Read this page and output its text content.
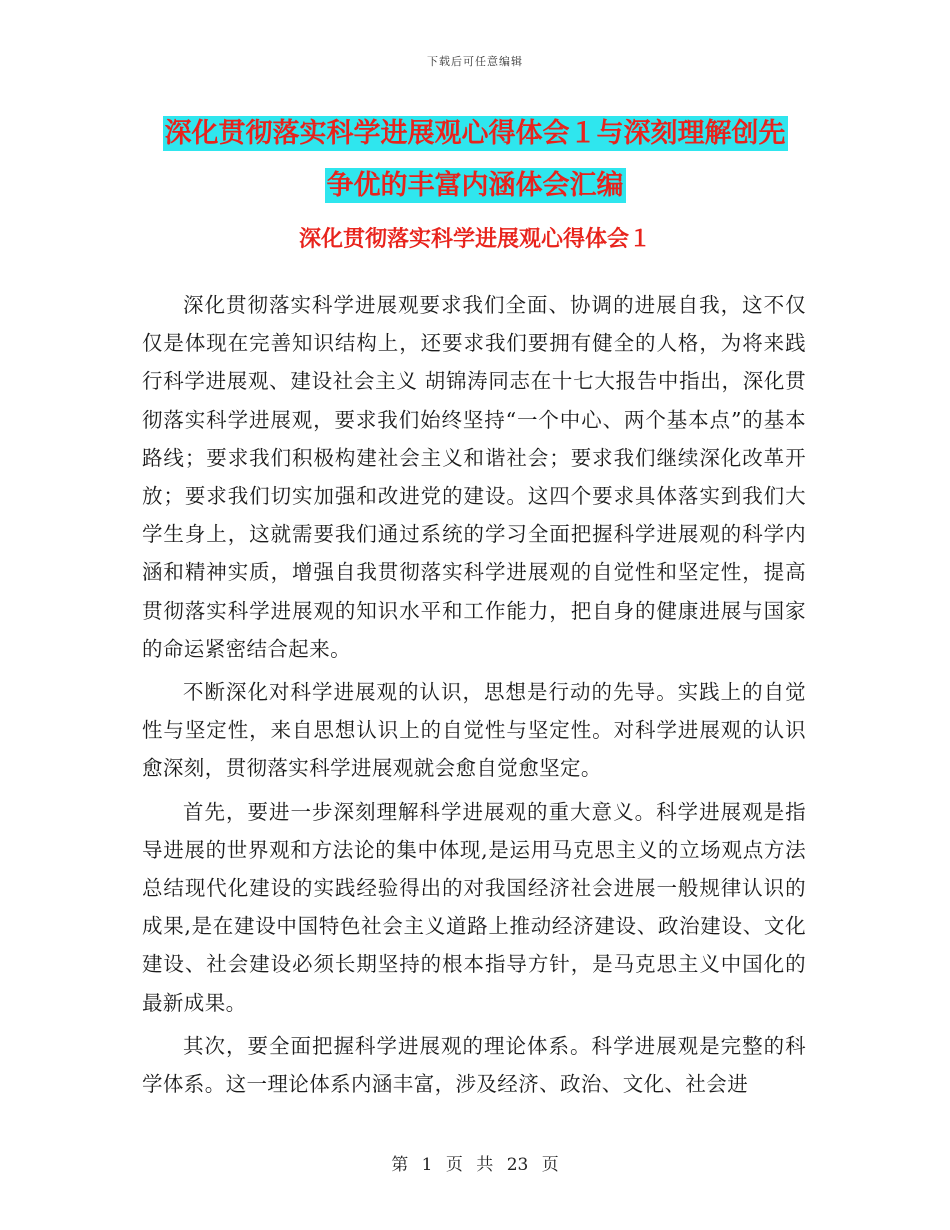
下载后可任意编辑
深化贯彻落实科学进展观心得体会１与深刻理解创先
争优的丰富内涵体会汇编
深化贯彻落实科学进展观心得体会１

深化贯彻落实科学进展观要求我们全面、协调的进展自我，这不仅仅是体现在完善知识结构上，还要求我们要拥有健全的人格，为将来践行科学进展观、建设社会主义 胡锦涛同志在十七大报告中指出，深化贯彻落实科学进展观，要求我们始终坚持“一个中心、两个基本点”的基本路线；要求我们积极构建社会主义和谐社会；要求我们继续深化改革开放；要求我们切实加强和改进党的建设。这四个要求具体落实到我们大学生身上，这就需要我们通过系统的学习全面把握科学进展观的科学内涵和精神实质，增强自我贯彻落实科学进展观的自觉性和坚定性，提高贯彻落实科学进展观的知识水平和工作能力，把自身的健康进展与国家的命运紧密结合起来。

不断深化对科学进展观的认识，思想是行动的先导。实践上的自觉性与坚定性，来自思想认识上的自觉性与坚定性。对科学进展观的认识愈深刻，贯彻落实科学进展观就会愈自觉愈坚定。

首先，要进一步深刻理解科学进展观的重大意义。科学进展观是指导进展的世界观和方法论的集中体现,是运用马克思主义的立场观点方法总结现代化建设的实践经验得出的对我国经济社会进展一般规律认识的成果,是在建设中国特色社会主义道路上推动经济建设、政治建设、文化建设、社会建设必须长期坚持的根本指导方针，是马克思主义中国化的最新成果。

其次，要全面把握科学进展观的理论体系。科学进展观是完整的科学体系。这一理论体系内涵丰富，涉及经济、政治、文化、社会进

第 1 页 共 23 页
